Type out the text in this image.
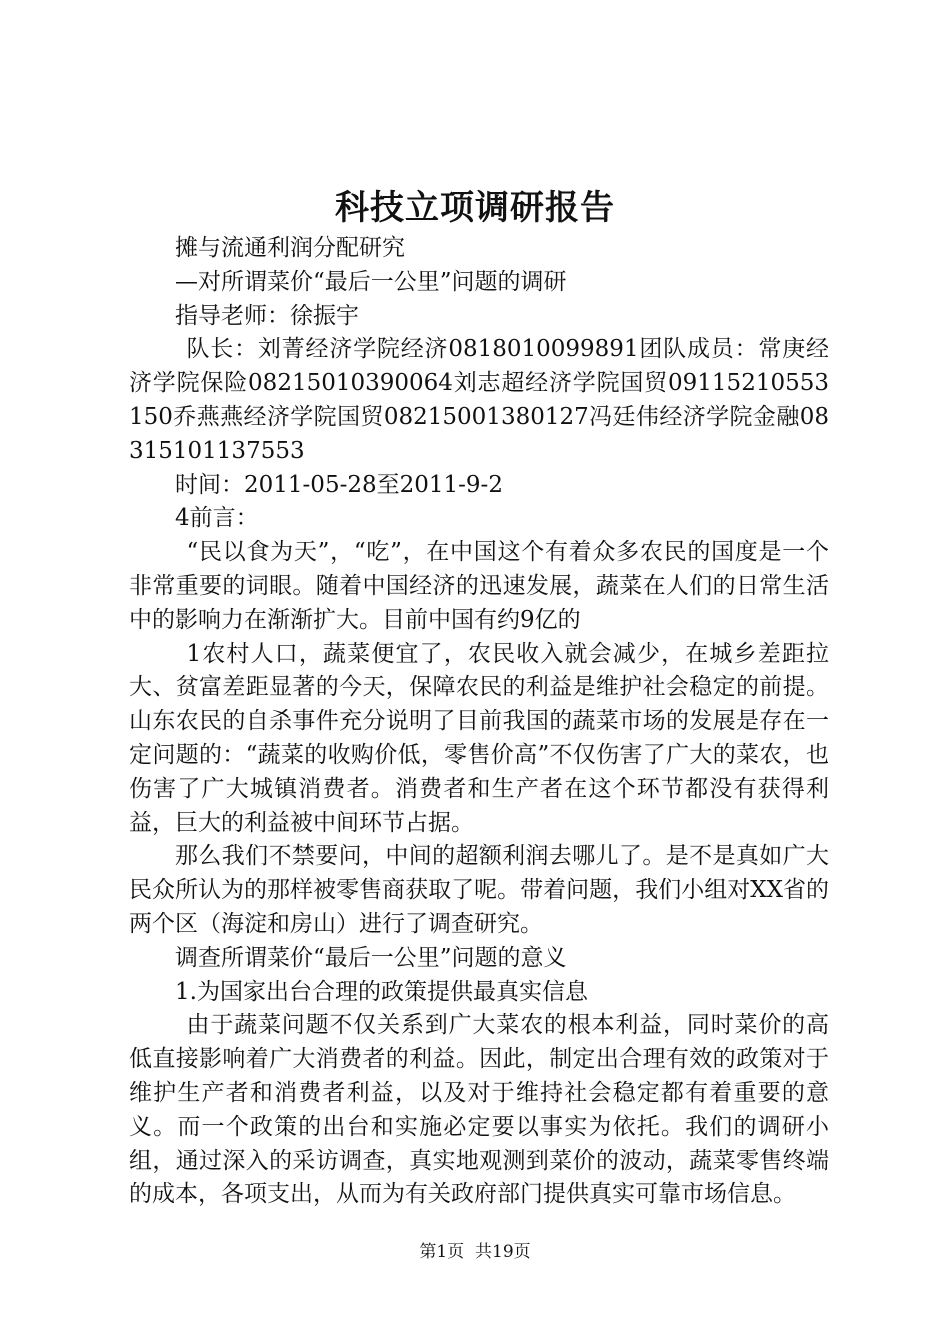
科技立项调研报告

摊与流通利润分配研究

—对所谓菜价“最后一公里”问题的调研

指导老师：徐振宇

队长：刘菁经济学院经济0818010099891团队成员：常庚经济学院保险08215010390064刘志超经济学院国贸09115210553150乔燕燕经济学院国贸08215001380127冯廷伟经济学院金融08315101137553

时间：2011-05-28至2011-9-2

4前言：

“民以食为天”，“吃”，在中国这个有着众多农民的国度是一个非常重要的词眼。随着中国经济的迅速发展，蔬菜在人们的日常生活中的影响力在渐渐扩大。目前中国有约9亿的

1农村人口，蔬菜便宜了，农民收入就会减少，在城乡差距拉大、贫富差距显著的今天，保障农民的利益是维护社会稳定的前提。山东农民的自杀事件充分说明了目前我国的蔬菜市场的发展是存在一定问题的：“蔬菜的收购价低，零售价高”不仅伤害了广大的菜农，也伤害了广大城镇消费者。消费者和生产者在这个环节都没有获得利益，巨大的利益被中间环节占据。

那么我们不禁要问，中间的超额利润去哪儿了。是不是真如广大民众所认为的那样被零售商获取了呢。带着问题，我们小组对XX省的两个区（海淀和房山）进行了调查研究。

调查所谓菜价“最后一公里”问题的意义

1.为国家出台合理的政策提供最真实信息

由于蔬菜问题不仅关系到广大菜农的根本利益，同时菜价的高低直接影响着广大消费者的利益。因此，制定出合理有效的政策对于维护生产者和消费者利益，以及对于维持社会稳定都有着重要的意义。而一个政策的出台和实施必定要以事实为依托。我们的调研小组，通过深入的采访调查，真实地观测到菜价的波动，蔬菜零售终端的成本，各项支出，从而为有关政府部门提供真实可靠市场信息。

第1页 共19页
